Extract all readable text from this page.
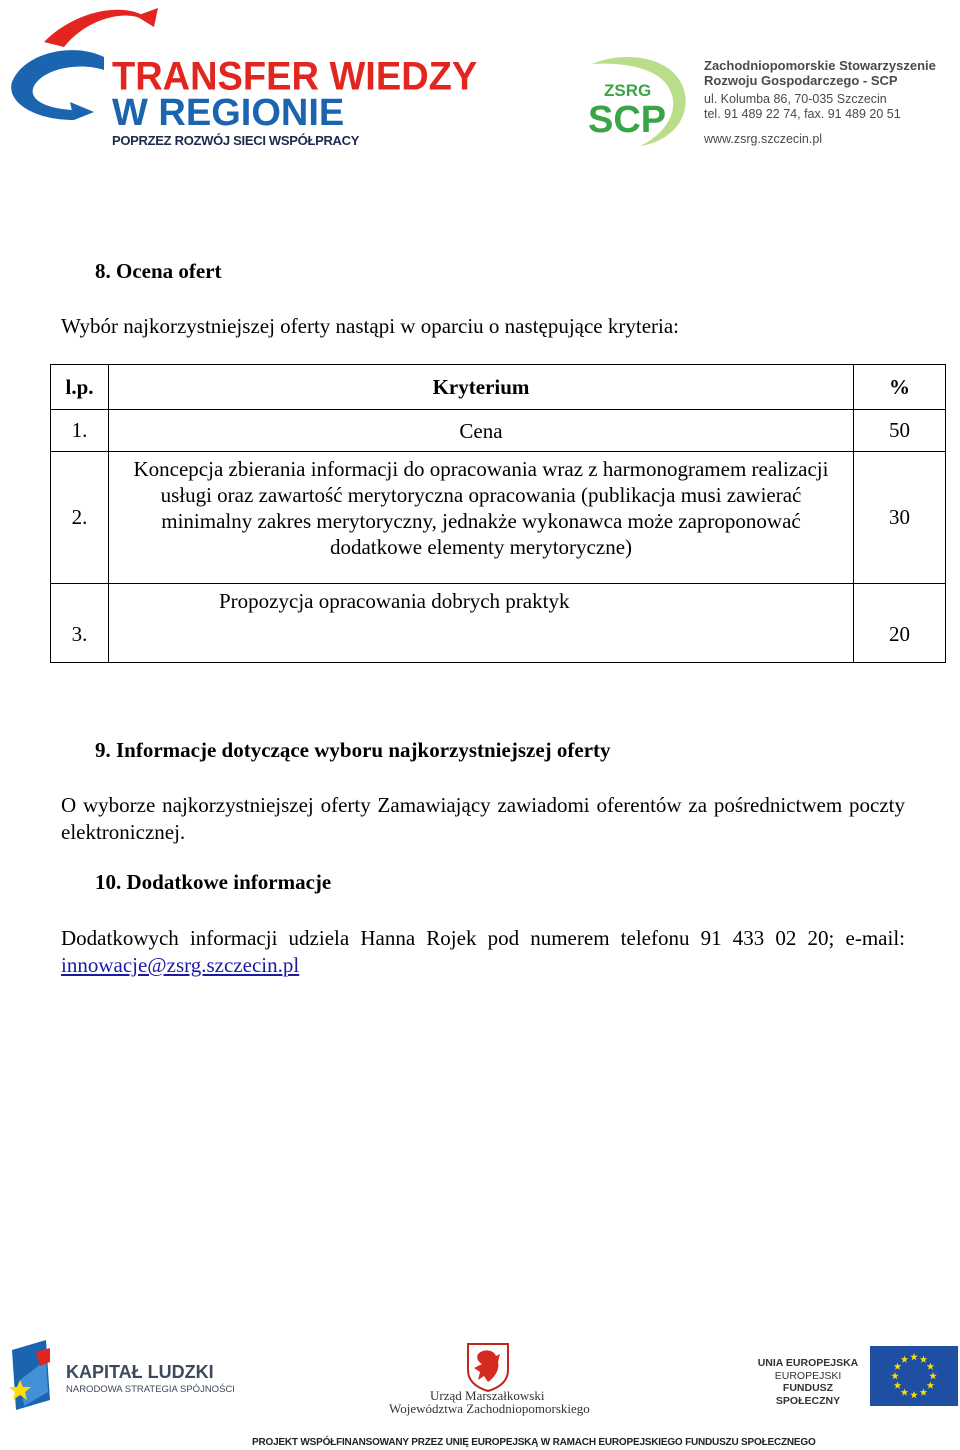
TRANSFER WIEDZY
W REGIONIE
POPRZEZ ROZWÓJ SIECI WSPÓŁPRACY
ZSRG
SCP
Zachodniopomorskie Stowarzyszenie
Rozwoju Gospodarczego - SCP
ul. Kolumba 86, 70-035 Szczecin
tel. 91 489 22 74, fax. 91 489 20 51
www.zsrg.szczecin.pl
8. Ocena ofert
Wybór najkorzystniejszej oferty nastąpi w oparciu o następujące kryteria:
l.p.	Kryterium	%
1.	Cena	50
2.	Koncepcja zbierania informacji do opracowania wraz z harmonogramem realizacji usługi oraz zawartość merytoryczna opracowania (publikacja musi zawierać minimalny zakres merytoryczny, jednakże wykonawca może zaproponować dodatkowe elementy merytoryczne)	30
3.	Propozycja opracowania dobrych praktyk	20
9. Informacje dotyczące wyboru najkorzystniejszej oferty
O wyborze najkorzystniejszej oferty Zamawiający zawiadomi oferentów za pośrednictwem poczty elektronicznej.
10. Dodatkowe informacje
Dodatkowych informacji udziela Hanna Rojek pod numerem telefonu 91 433 02 20; e-mail: innowacje@zsrg.szczecin.pl
KAPITAŁ LUDZKI
NARODOWA STRATEGIA SPÓJNOŚCI	Urząd Marszałkowski
Województwa Zachodniopomorskiego
UNIA EUROPEJSKA
EUROPEJSKI
FUNDUSZ SPOŁECZNY
PROJEKT WSPÓŁFINANSOWANY PRZEZ UNIĘ EUROPEJSKĄ W RAMACH EUROPEJSKIEGO FUNDUSZU SPOŁECZNEGO
